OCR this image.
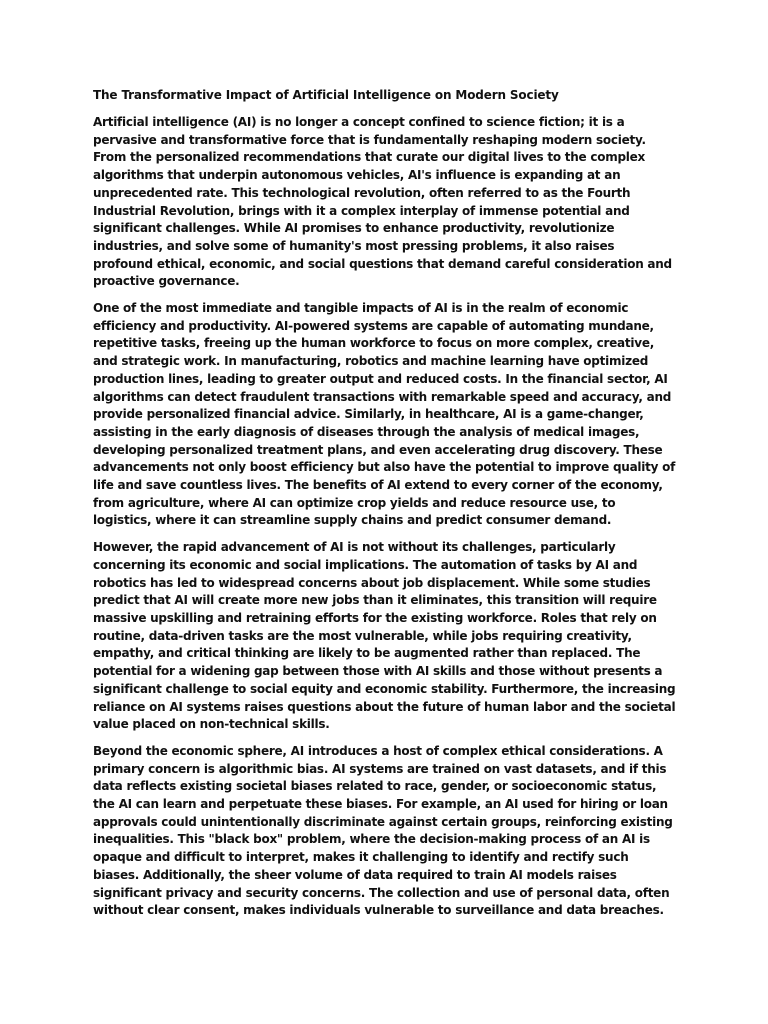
The Transformative Impact of Artificial Intelligence on Modern Society

Artificial intelligence (AI) is no longer a concept confined to science fiction; it is a pervasive and transformative force that is fundamentally reshaping modern society. From the personalized recommendations that curate our digital lives to the complex algorithms that underpin autonomous vehicles, AI's influence is expanding at an unprecedented rate. This technological revolution, often referred to as the Fourth Industrial Revolution, brings with it a complex interplay of immense potential and significant challenges. While AI promises to enhance productivity, revolutionize industries, and solve some of humanity's most pressing problems, it also raises profound ethical, economic, and social questions that demand careful consideration and proactive governance.

One of the most immediate and tangible impacts of AI is in the realm of economic efficiency and productivity. AI-powered systems are capable of automating mundane, repetitive tasks, freeing up the human workforce to focus on more complex, creative, and strategic work. In manufacturing, robotics and machine learning have optimized production lines, leading to greater output and reduced costs. In the financial sector, AI algorithms can detect fraudulent transactions with remarkable speed and accuracy, and provide personalized financial advice. Similarly, in healthcare, AI is a game-changer, assisting in the early diagnosis of diseases through the analysis of medical images, developing personalized treatment plans, and even accelerating drug discovery. These advancements not only boost efficiency but also have the potential to improve quality of life and save countless lives. The benefits of AI extend to every corner of the economy, from agriculture, where AI can optimize crop yields and reduce resource use, to logistics, where it can streamline supply chains and predict consumer demand.

However, the rapid advancement of AI is not without its challenges, particularly concerning its economic and social implications. The automation of tasks by AI and robotics has led to widespread concerns about job displacement. While some studies predict that AI will create more new jobs than it eliminates, this transition will require massive upskilling and retraining efforts for the existing workforce. Roles that rely on routine, data-driven tasks are the most vulnerable, while jobs requiring creativity, empathy, and critical thinking are likely to be augmented rather than replaced. The potential for a widening gap between those with AI skills and those without presents a significant challenge to social equity and economic stability. Furthermore, the increasing reliance on AI systems raises questions about the future of human labor and the societal value placed on non-technical skills.

Beyond the economic sphere, AI introduces a host of complex ethical considerations. A primary concern is algorithmic bias. AI systems are trained on vast datasets, and if this data reflects existing societal biases related to race, gender, or socioeconomic status, the AI can learn and perpetuate these biases. For example, an AI used for hiring or loan approvals could unintentionally discriminate against certain groups, reinforcing existing inequalities. This "black box" problem, where the decision-making process of an AI is opaque and difficult to interpret, makes it challenging to identify and rectify such biases. Additionally, the sheer volume of data required to train AI models raises significant privacy and security concerns. The collection and use of personal data, often without clear consent, makes individuals vulnerable to surveillance and data breaches.
